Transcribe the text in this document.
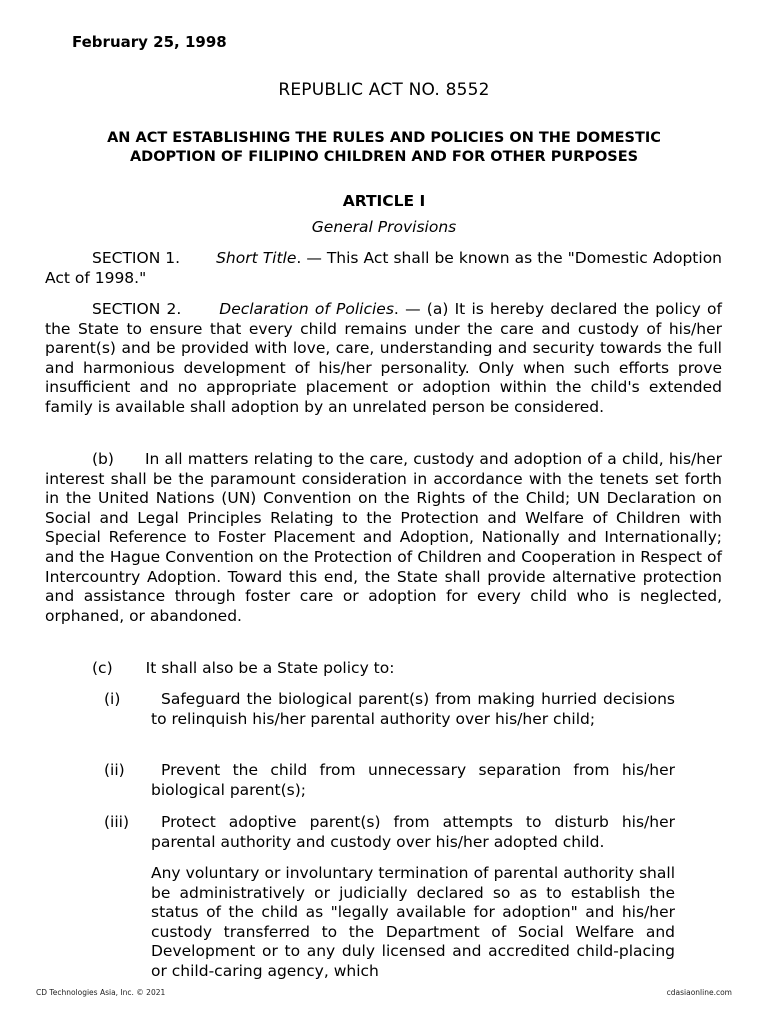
February 25, 1998
REPUBLIC ACT NO. 8552
AN ACT ESTABLISHING THE RULES AND POLICIES ON THE DOMESTIC
ADOPTION OF FILIPINO CHILDREN AND FOR OTHER PURPOSES
ARTICLE I
General Provisions
SECTION 1. Short Title. — This Act shall be known as the "Domestic Adoption Act of 1998."
SECTION 2. Declaration of Policies. — (a) It is hereby declared the policy of the State to ensure that every child remains under the care and custody of his/her parent(s) and be provided with love, care, understanding and security towards the full and harmonious development of his/her personality. Only when such efforts prove insufficient and no appropriate placement or adoption within the child's extended family is available shall adoption by an unrelated person be considered.
(b) In all matters relating to the care, custody and adoption of a child, his/her interest shall be the paramount consideration in accordance with the tenets set forth in the United Nations (UN) Convention on the Rights of the Child; UN Declaration on Social and Legal Principles Relating to the Protection and Welfare of Children with Special Reference to Foster Placement and Adoption, Nationally and Internationally; and the Hague Convention on the Protection of Children and Cooperation in Respect of Intercountry Adoption. Toward this end, the State shall provide alternative protection and assistance through foster care or adoption for every child who is neglected, orphaned, or abandoned.
(c) It shall also be a State policy to:
(i)	Safeguard the biological parent(s) from making hurried decisions to relinquish his/her parental authority over his/her child;
(ii)	Prevent the child from unnecessary separation from his/her biological parent(s);
(iii)	Protect adoptive parent(s) from attempts to disturb his/her parental authority and custody over his/her adopted child.
Any voluntary or involuntary termination of parental authority shall be administratively or judicially declared so as to establish the status of the child as "legally available for adoption" and his/her custody transferred to the Department of Social Welfare and Development or to any duly licensed and accredited child-placing or child-caring agency, which
CD Technologies Asia, Inc. © 2021	cdasiaonline.com
